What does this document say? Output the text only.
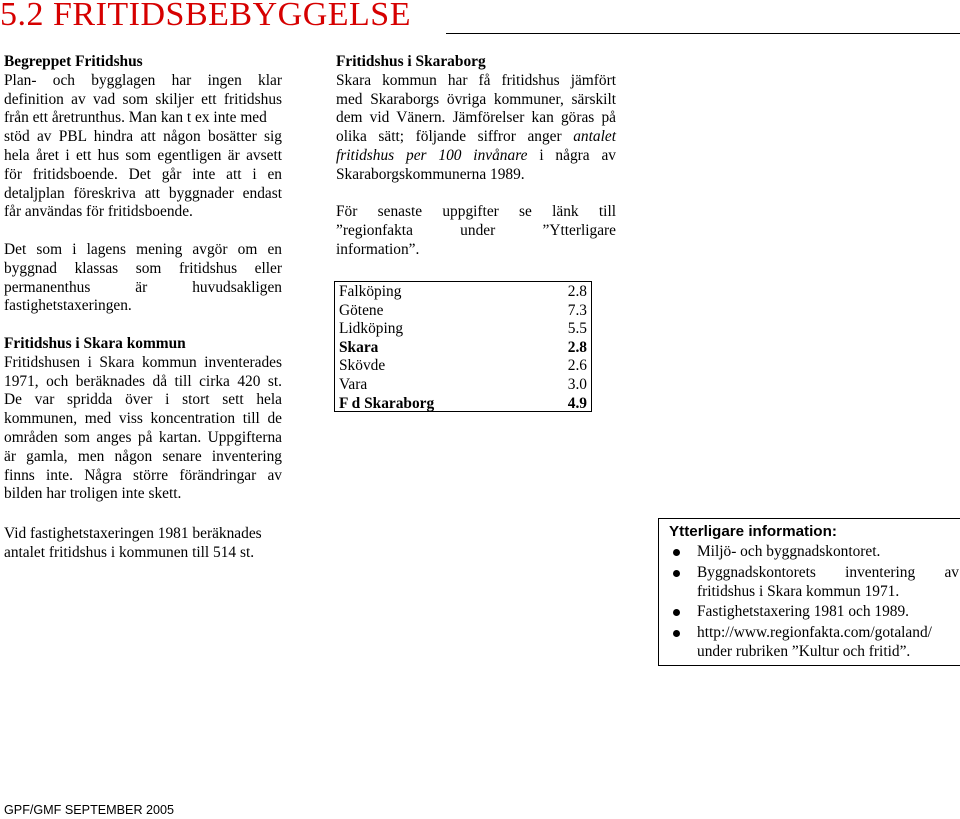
5.2 FRITIDSBEBYGGELSE
Begreppet Fritidshus
Plan- och bygglagen har ingen klar
definition av vad som skiljer ett fritidshus
från ett åretrunthus. Man kan t ex inte med
stöd av PBL hindra att någon bosätter sig
hela året i ett hus som egentligen är avsett
för fritidsboende. Det går inte att i en
detaljplan föreskriva att byggnader endast
får användas för fritidsboende.
Det som i lagens mening avgör om en
byggnad klassas som fritidshus eller
permanenthus är huvudsakligen
fastighetstaxeringen.
Fritidshus i Skara kommun
Fritidshusen i Skara kommun inventerades
1971, och beräknades då till cirka 420 st.
De var spridda över i stort sett hela
kommunen, med viss koncentration till de
områden som anges på kartan. Uppgifterna
är gamla, men någon senare inventering
finns inte. Några större förändringar av
bilden har troligen inte skett.
Vid fastighetstaxeringen 1981 beräknades
antalet fritidshus i kommunen till 514 st.
Fritidshus i Skaraborg
Skara kommun har få fritidshus jämfört
med Skaraborgs övriga kommuner, särskilt
dem vid Vänern. Jämförelser kan göras på
olika sätt; följande siffror anger antalet
fritidshus per 100 invånare i några av
Skaraborgskommunerna 1989.
För senaste uppgifter se länk till
”regionfakta under ”Ytterligare
information”.
Falköping	2.8
Götene	7.3
Lidköping	5.5
Skara	2.8
Skövde	2.6
Vara	3.0
F d Skaraborg	4.9
Ytterligare information:
Miljö- och byggnadskontoret.
Byggnadskontorets inventering av
fritidshus i Skara kommun 1971.
Fastighetstaxering 1981 och 1989.
http://www.regionfakta.com/gotaland/
under rubriken ”Kultur och fritid”.
GPF/GMF SEPTEMBER 2005
